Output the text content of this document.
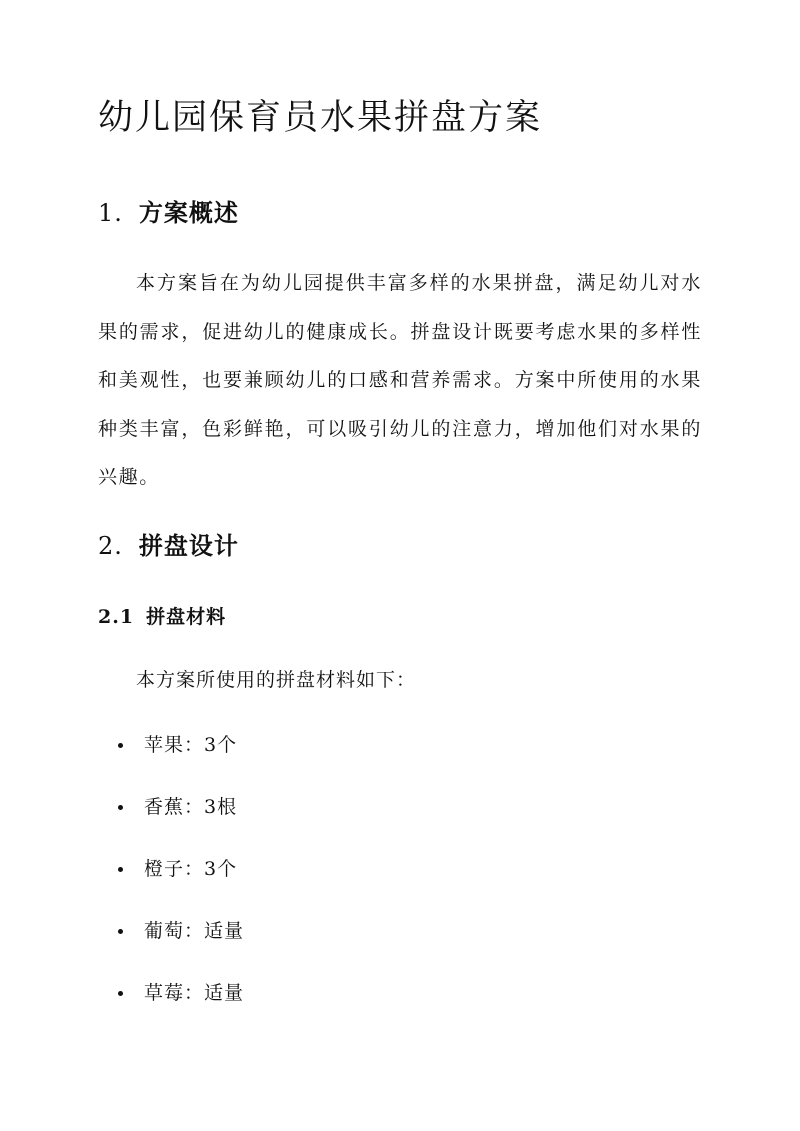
幼儿园保育员水果拼盘方案
1. 方案概述

本方案旨在为幼儿园提供丰富多样的水果拼盘，满足幼儿对水果的需求，促进幼儿的健康成长。拼盘设计既要考虑水果的多样性和美观性，也要兼顾幼儿的口感和营养需求。方案中所使用的水果种类丰富，色彩鲜艳，可以吸引幼儿的注意力，增加他们对水果的兴趣。

2. 拼盘设计
2.1 拼盘材料

本方案所使用的拼盘材料如下：

苹果：3个
香蕉：3根
橙子：3个
葡萄：适量
草莓：适量
